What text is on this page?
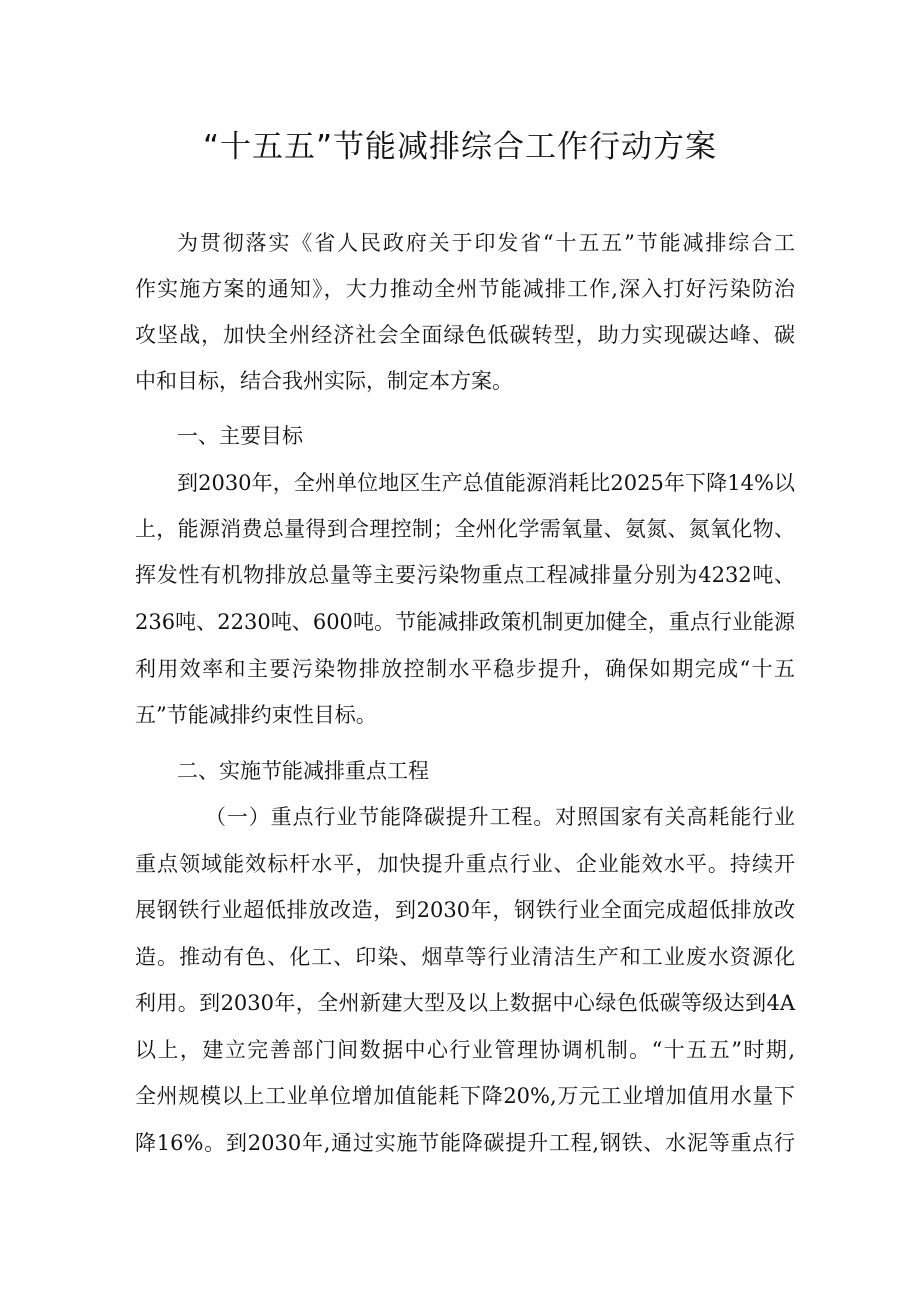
“十五五”节能减排综合工作行动方案

为贯彻落实《省人民政府关于印发省“十五五”节能减排综合工

作实施方案的通知》，大力推动全州节能减排工作,深入打好污染防治

攻坚战，加快全州经济社会全面绿色低碳转型，助力实现碳达峰、碳

中和目标，结合我州实际，制定本方案。

一、主要目标

到2030年，全州单位地区生产总值能源消耗比2025年下降14%以

上，能源消费总量得到合理控制；全州化学需氧量、氨氮、氮氧化物、

挥发性有机物排放总量等主要污染物重点工程减排量分别为4232吨、

236吨、2230吨、600吨。节能减排政策机制更加健全，重点行业能源

利用效率和主要污染物排放控制水平稳步提升，确保如期完成“十五

五”节能减排约束性目标。

二、实施节能减排重点工程

（一）重点行业节能降碳提升工程。对照国家有关高耗能行业

重点领域能效标杆水平，加快提升重点行业、企业能效水平。持续开

展钢铁行业超低排放改造，到2030年，钢铁行业全面完成超低排放改

造。推动有色、化工、印染、烟草等行业清洁生产和工业废水资源化

利用。到2030年，全州新建大型及以上数据中心绿色低碳等级达到4A

以上，建立完善部门间数据中心行业管理协调机制。“十五五”时期,

全州规模以上工业单位增加值能耗下降20%,万元工业增加值用水量下

降16%。到2030年,通过实施节能降碳提升工程,钢铁、水泥等重点行
